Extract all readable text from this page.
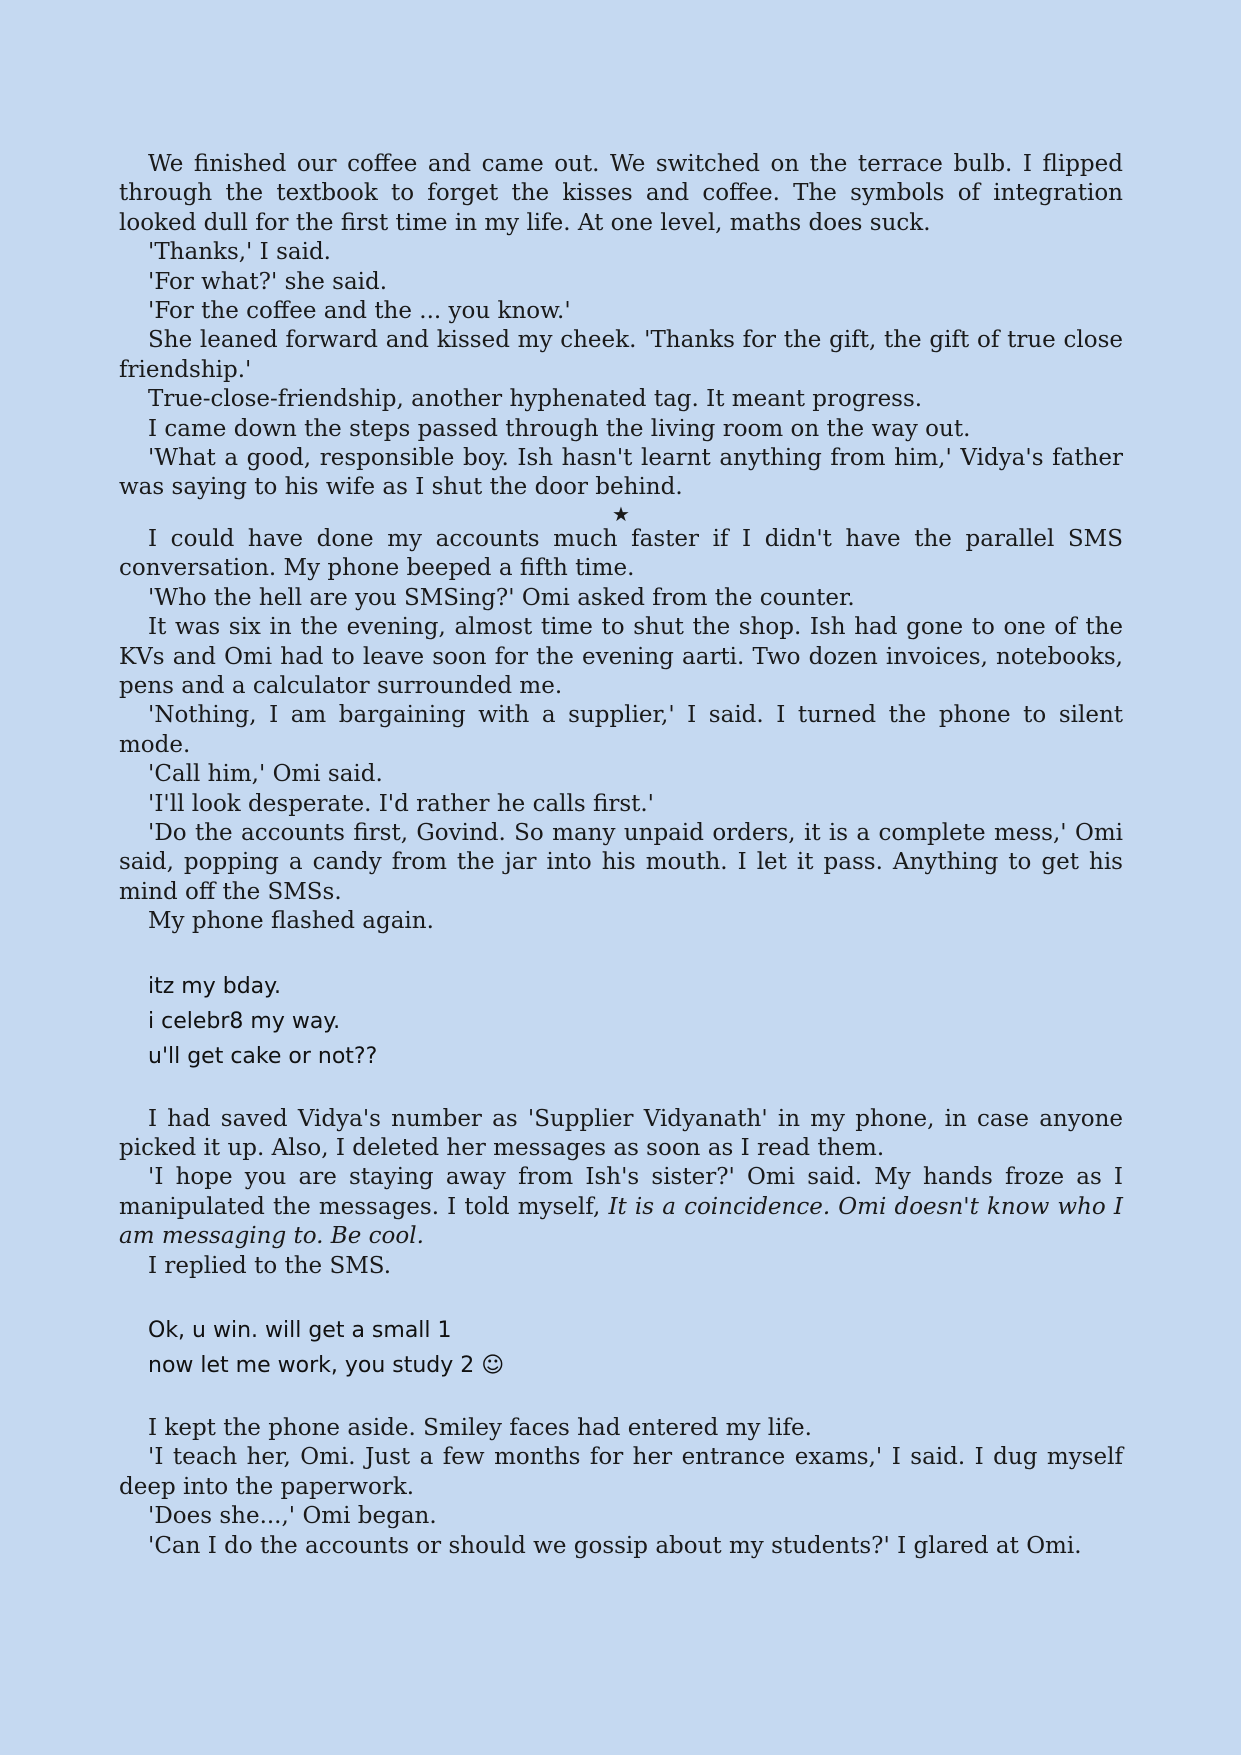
We finished our coffee and came out. We switched on the terrace bulb. I flipped through the textbook to forget the kisses and coffee. The symbols of integration looked dull for the first time in my life. At one level, maths does suck.

'Thanks,' I said.

'For what?' she said.

'For the coffee and the ... you know.'

She leaned forward and kissed my cheek. 'Thanks for the gift, the gift of true close friendship.'

True-close-friendship, another hyphenated tag. It meant progress.

I came down the steps passed through the living room on the way out.

'What a good, responsible boy. Ish hasn't learnt anything from him,' Vidya's father was saying to his wife as I shut the door behind.

★

I could have done my accounts much faster if I didn't have the parallel SMS conversation. My phone beeped a fifth time.

'Who the hell are you SMSing?' Omi asked from the counter.

It was six in the evening, almost time to shut the shop. Ish had gone to one of the KVs and Omi had to leave soon for the evening aarti. Two dozen invoices, notebooks, pens and a calculator surrounded me.

'Nothing, I am bargaining with a supplier,' I said. I turned the phone to silent mode.

'Call him,' Omi said.

'I'll look desperate. I'd rather he calls first.'

'Do the accounts first, Govind. So many unpaid orders, it is a complete mess,' Omi said, popping a candy from the jar into his mouth. I let it pass. Anything to get his mind off the SMSs.

My phone flashed again.

itz my bday.
i celebr8 my way.
u'll get cake or not??

I had saved Vidya's number as 'Supplier Vidyanath' in my phone, in case anyone picked it up. Also, I deleted her messages as soon as I read them.

'I hope you are staying away from Ish's sister?' Omi said. My hands froze as I manipulated the messages. I told myself, It is a coincidence. Omi doesn't know who I am messaging to. Be cool.

I replied to the SMS.

Ok, u win. will get a small 1
now let me work, you study 2 ☺

I kept the phone aside. Smiley faces had entered my life.

'I teach her, Omi. Just a few months for her entrance exams,' I said. I dug myself deep into the paperwork.

'Does she...,' Omi began.

'Can I do the accounts or should we gossip about my students?' I glared at Omi.
